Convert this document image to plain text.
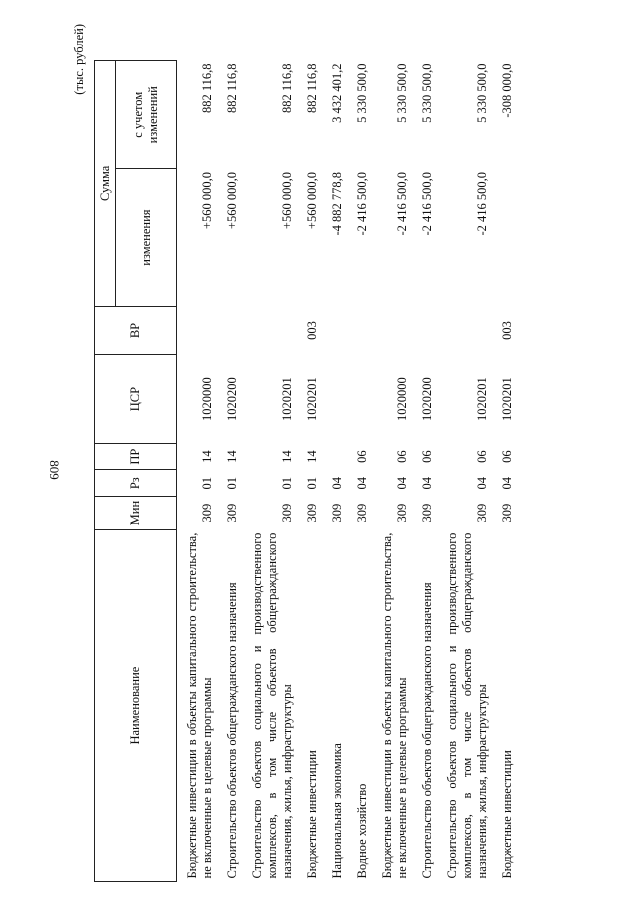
809
(тыс. рублей)
Наименование	Мин	Рз	ПР	ЦСР	ВР	Сумма	
						изменения	с учетом изменений

Бюджетные инвестиции в объекты капитального строительства, не включенные в целевые программы	309	01	14	1020000		+560 000,0	882 116,8

Строительство объектов общегражданского назначения	309	01	14	1020200		+560 000,0	882 116,8

Строительство объектов социального и производственного комплексов, в том числе объектов общегражданского назначения, жилья, инфраструктуры	309	01	14	1020201		+560 000,0	882 116,8

Бюджетные инвестиции	309	01	14	1020201	003	+560 000,0	882 116,8

Национальная экономика	309	04				-4 882 778,8	3 432 401,2

Водное хозяйство	309	04	06			-2 416 500,0	5 330 500,0

Бюджетные инвестиции в объекты капитального строительства, не включенные в целевые программы	309	04	06	1020000		-2 416 500,0	5 330 500,0

Строительство объектов общегражданского назначения	309	04	06	1020200		-2 416 500,0	5 330 500,0

Строительство объектов социального и производственного комплексов, в том числе объектов общегражданского назначения, жилья, инфраструктуры	309	04	06	1020201		-2 416 500,0	5 330 500,0

Бюджетные инвестиции	309	04	06	1020201	003		-308 000,0
